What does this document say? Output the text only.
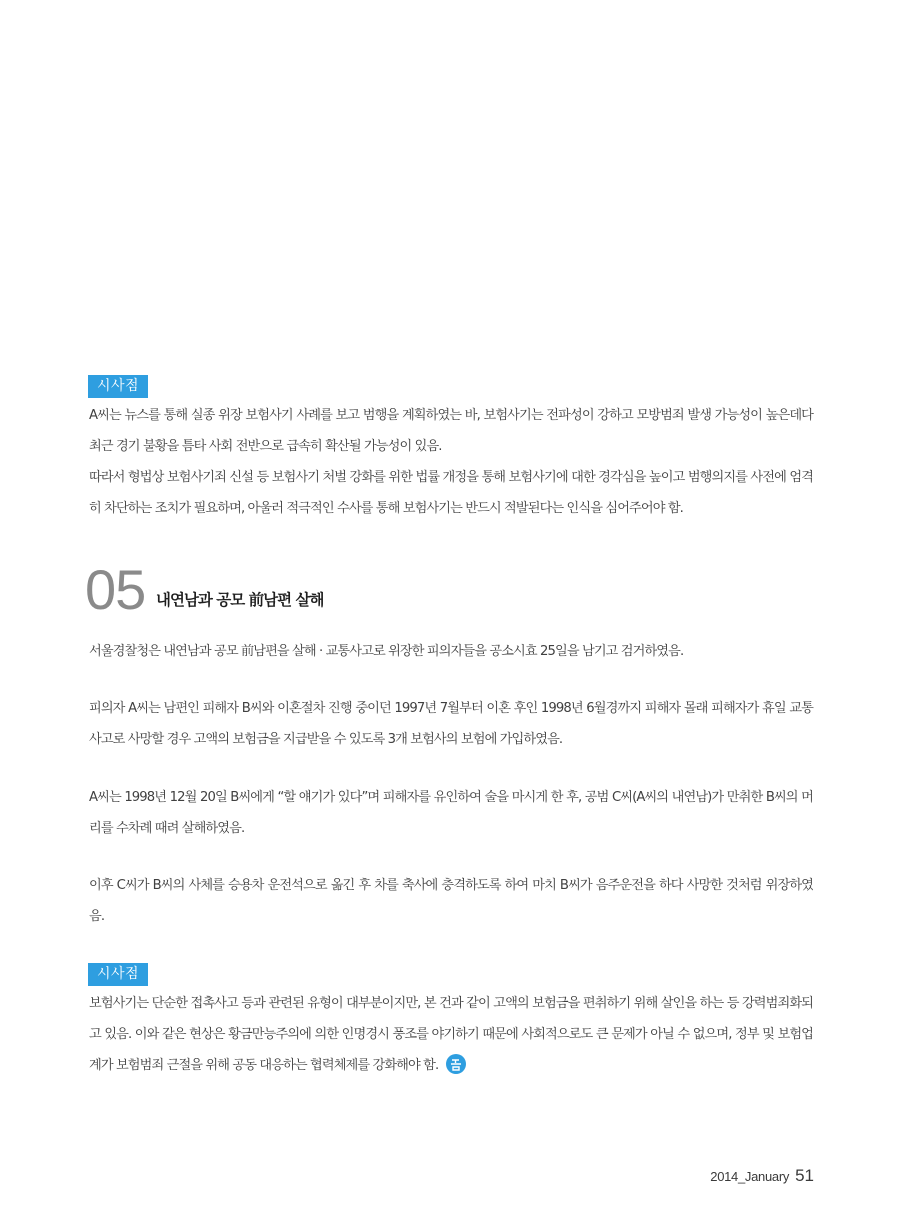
시사점

A씨는 뉴스를 통해 실종 위장 보험사기 사례를 보고 범행을 계획하였는 바, 보험사기는 전파성이 강하고 모방범죄 발생 가능성이 높은데다 최근 경기 불황을 틈타 사회 전반으로 급속히 확산될 가능성이 있음.

따라서 형법상 보험사기죄 신설 등 보험사기 처벌 강화를 위한 법률 개정을 통해 보험사기에 대한 경각심을 높이고 범행의지를 사전에 엄격히 차단하는 조치가 필요하며, 아울러 적극적인 수사를 통해 보험사기는 반드시 적발된다는 인식을 심어주어야 함.

05 내연남과 공모 前남편 살해

서울경찰청은 내연남과 공모 前남편을 살해 · 교통사고로 위장한 피의자들을 공소시효 25일을 남기고 검거하였음.

피의자 A씨는 남편인 피해자 B씨와 이혼절차 진행 중이던 1997년 7월부터 이혼 후인 1998년 6월경까지 피해자 몰래 피해자가 휴일 교통 사고로 사망할 경우 고액의 보험금을 지급받을 수 있도록 3개 보험사의 보험에 가입하였음.

A씨는 1998년 12월 20일 B씨에게 “할 얘기가 있다”며 피해자를 유인하여 술을 마시게 한 후, 공범 C씨(A씨의 내연남)가 만취한 B씨의 머리를 수차례 때려 살해하였음.

이후 C씨가 B씨의 사체를 승용차 운전석으로 옮긴 후 차를 축사에 충격하도록 하여 마치 B씨가 음주운전을 하다 사망한 것처럼 위장하였음.

시사점

보험사기는 단순한 접촉사고 등과 관련된 유형이 대부분이지만, 본 건과 같이 고액의 보험금을 편취하기 위해 살인을 하는 등 강력범죄화되고 있음. 이와 같은 현상은 황금만능주의에 의한 인명경시 풍조를 야기하기 때문에 사회적으로도 큰 문제가 아닐 수 없으며, 정부 및 보험업계가 보험범죄 근절을 위해 공동 대응하는 협력체제를 강화해야 함.

2014_January 51
